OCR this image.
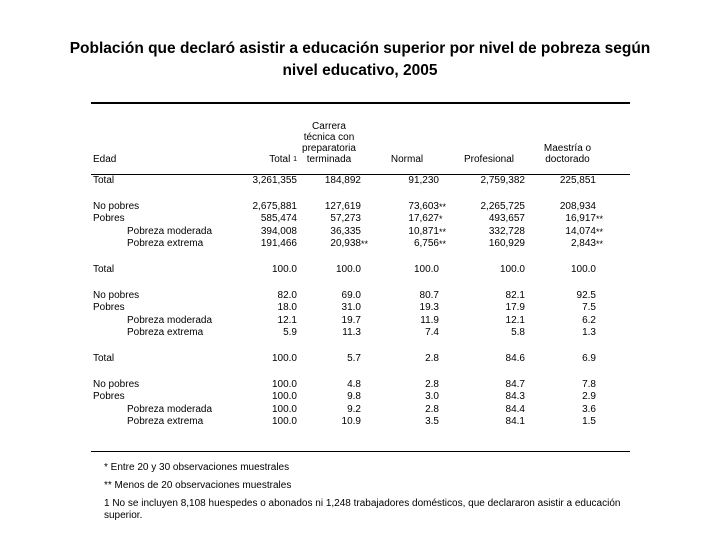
Población que declaró asistir a educación superior por nivel de pobreza según nivel educativo, 2005
Edad	Total $^1$	Carrera técnica con preparatoria terminada		Normal		Profesional	Maestría o doctorado	

Total	3,261,355	184,892		91,230		2,759,382	225,851	

No pobres	2,675,881	127,619		73,603	**	2,265,725	208,934	
Pobres	585,474	57,273		17,627	*	493,657	16,917	**
Pobreza moderada	394,008	36,335		10,871	**	332,728	14,074	**
Pobreza extrema	191,466	20,938	**	6,756	**	160,929	2,843	**

Total	100.0	100.0		100.0		100.0	100.0	

No pobres	82.0	69.0		80.7		82.1	92.5	
Pobres	18.0	31.0		19.3		17.9	7.5	
Pobreza moderada	12.1	19.7		11.9		12.1	6.2	
Pobreza extrema	5.9	11.3		7.4		5.8	1.3	

Total	100.0	5.7		2.8		84.6	6.9	

No pobres	100.0	4.8		2.8		84.7	7.8	
Pobres	100.0	9.8		3.0		84.3	2.9	
Pobreza moderada	100.0	9.2		2.8		84.4	3.6	
Pobreza extrema	100.0	10.9		3.5		84.1	1.5	

* Entre 20 y 30 observaciones muestrales

** Menos de 20 observaciones muestrales

1 No se incluyen 8,108 huespedes o abonados ni 1,248 trabajadores domésticos, que declararon asistir a educación superior.
